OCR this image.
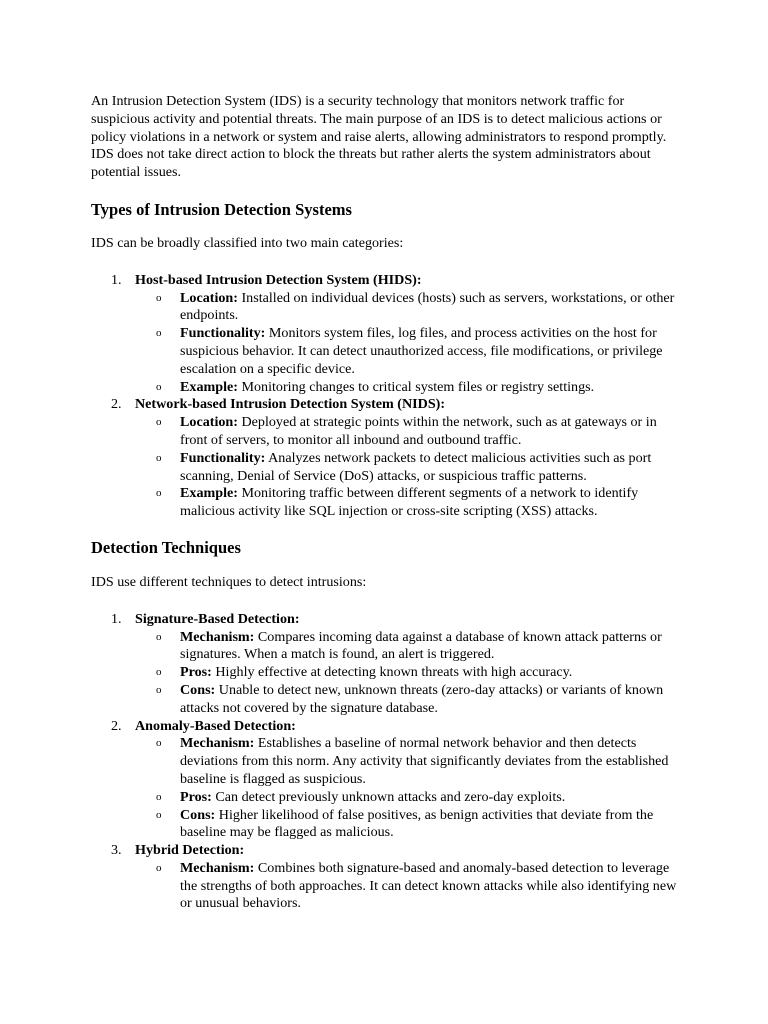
An Intrusion Detection System (IDS) is a security technology that monitors network traffic for suspicious activity and potential threats. The main purpose of an IDS is to detect malicious actions or policy violations in a network or system and raise alerts, allowing administrators to respond promptly. IDS does not take direct action to block the threats but rather alerts the system administrators about potential issues.

Types of Intrusion Detection Systems

IDS can be broadly classified into two main categories:

1. Host-based Intrusion Detection System (HIDS):
o Location: Installed on individual devices (hosts) such as servers, workstations, or other endpoints.
o Functionality: Monitors system files, log files, and process activities on the host for suspicious behavior. It can detect unauthorized access, file modifications, or privilege escalation on a specific device.
o Example: Monitoring changes to critical system files or registry settings.
2. Network-based Intrusion Detection System (NIDS):
o Location: Deployed at strategic points within the network, such as at gateways or in front of servers, to monitor all inbound and outbound traffic.
o Functionality: Analyzes network packets to detect malicious activities such as port scanning, Denial of Service (DoS) attacks, or suspicious traffic patterns.
o Example: Monitoring traffic between different segments of a network to identify malicious activity like SQL injection or cross-site scripting (XSS) attacks.
Detection Techniques

IDS use different techniques to detect intrusions:

1. Signature-Based Detection:
o Mechanism: Compares incoming data against a database of known attack patterns or signatures. When a match is found, an alert is triggered.
o Pros: Highly effective at detecting known threats with high accuracy.
o Cons: Unable to detect new, unknown threats (zero-day attacks) or variants of known attacks not covered by the signature database.
2. Anomaly-Based Detection:
o Mechanism: Establishes a baseline of normal network behavior and then detects deviations from this norm. Any activity that significantly deviates from the established baseline is flagged as suspicious.
o Pros: Can detect previously unknown attacks and zero-day exploits.
o Cons: Higher likelihood of false positives, as benign activities that deviate from the baseline may be flagged as malicious.
3. Hybrid Detection:
o Mechanism: Combines both signature-based and anomaly-based detection to leverage the strengths of both approaches. It can detect known attacks while also identifying new or unusual behaviors.
